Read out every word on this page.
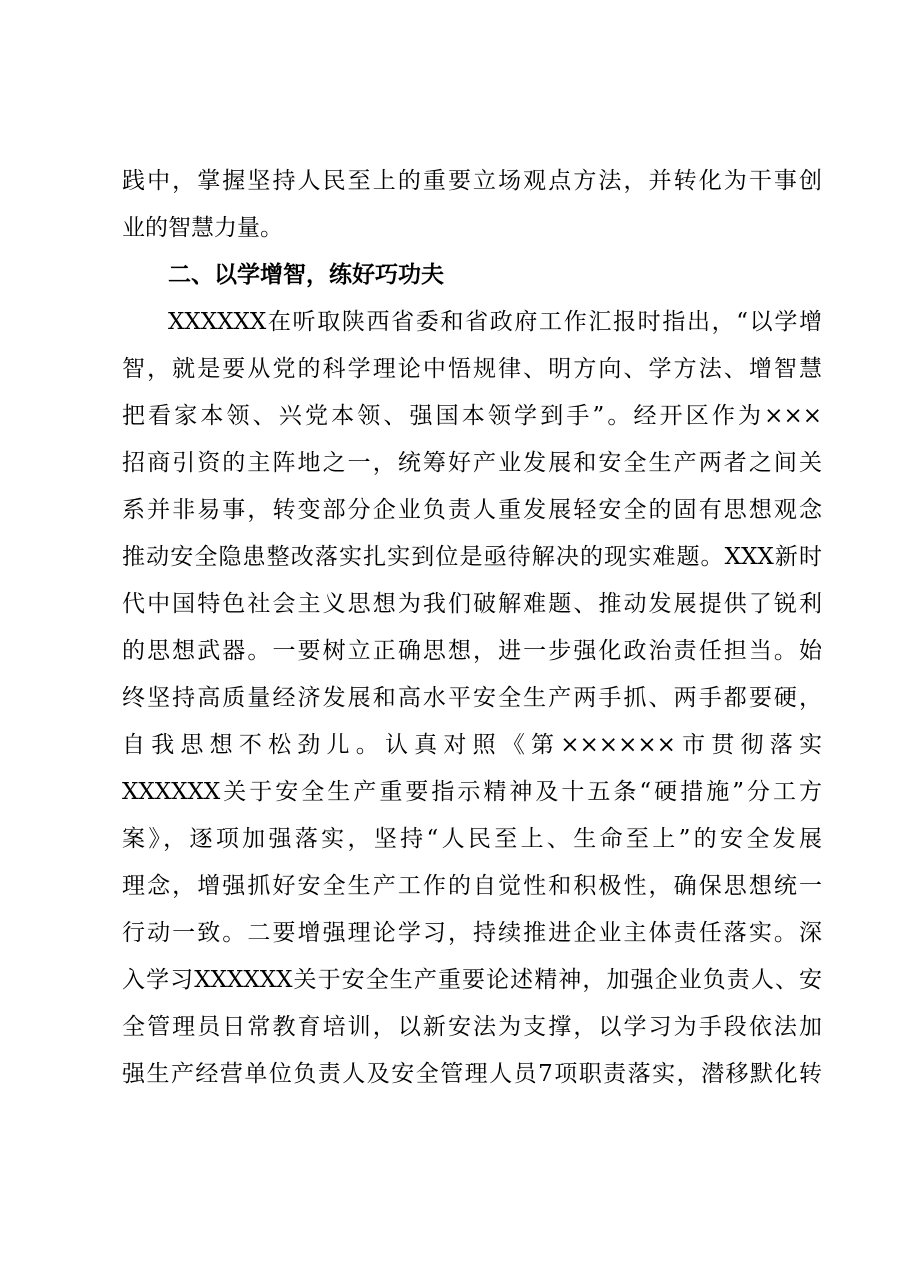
践中，掌握坚持人民至上的重要立场观点方法，并转化为干事创
业的智慧力量。
二、以学增智，练好巧功夫
XXXXXX在听取陕西省委和省政府工作汇报时指出，“以学增
智，就是要从党的科学理论中悟规律、明方向、学方法、增智慧
把看家本领、兴党本领、强国本领学到手”。经开区作为×××
招商引资的主阵地之一，统筹好产业发展和安全生产两者之间关
系并非易事，转变部分企业负责人重发展轻安全的固有思想观念
推动安全隐患整改落实扎实到位是亟待解决的现实难题。XXX新时
代中国特色社会主义思想为我们破解难题、推动发展提供了锐利
的思想武器。一要树立正确思想，进一步强化政治责任担当。始
终坚持高质量经济发展和高水平安全生产两手抓、两手都要硬，
自我思想不松劲儿。认真对照《第××××××市贯彻落实
XXXXXX关于安全生产重要指示精神及十五条“硬措施”分工方
案》，逐项加强落实，坚持“人民至上、生命至上”的安全发展
理念，增强抓好安全生产工作的自觉性和积极性，确保思想统一
行动一致。二要增强理论学习，持续推进企业主体责任落实。深
入学习XXXXXX关于安全生产重要论述精神，加强企业负责人、安
全管理员日常教育培训，以新安法为支撑，以学习为手段依法加
强生产经营单位负责人及安全管理人员7项职责落实，潜移默化转
